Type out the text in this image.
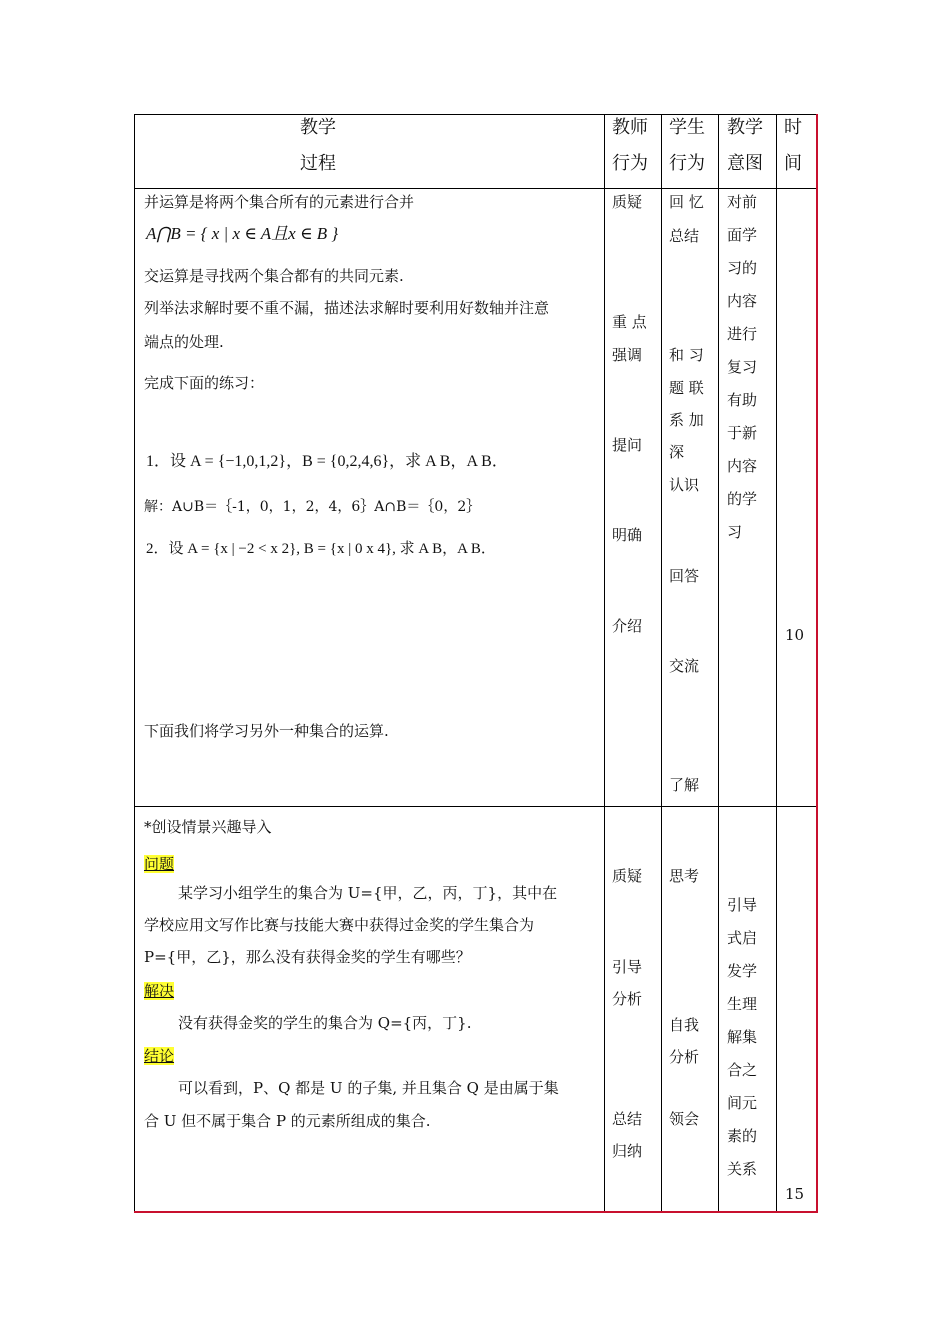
教学
过程
教师
行为
学生
行为
教学
意图
时
间
并运算是将两个集合所有的元素进行合并
A⋂B = { x | x ∈ A且x ∈ B }
交运算是寻找两个集合都有的共同元素.
列举法求解时要不重不漏，描述法求解时要利用好数轴并注意
端点的处理.
完成下面的练习：
1．设 A = {−1,0,1,2}，B = {0,2,4,6}，求 A B，A B．
解：A∪B＝｛-1，0，1，2，4，6｝A∩B＝｛0，2｝
2．设 A = {x | −2 < x 2}, B = {x | 0 x 4}, 求 A B，A B．
下面我们将学习另外一种集合的运算.
质疑
重 点
强调
提问
明确
介绍
回 忆
总结
和 习
题 联
系 加
深
认识
回答
交流
了解
对前面学习的内容进行复习有助于新内容的学习
10
*创设情景兴趣导入
问题
某学习小组学生的集合为 U={甲，乙，丙，丁}，其中在
学校应用文写作比赛与技能大赛中获得过金奖的学生集合为
P={甲，乙}，那么没有获得金奖的学生有哪些？
解决
没有获得金奖的学生的集合为 Q={丙，丁}.
结论
可以看到，P、Q 都是 U 的子集, 并且集合 Q 是由属于集
合 U 但不属于集合 P 的元素所组成的集合.
质疑
引导
分析
总结
归纳
思考
自我
分析
领会
引导式启发学生理解集合之间元素的关系
15
